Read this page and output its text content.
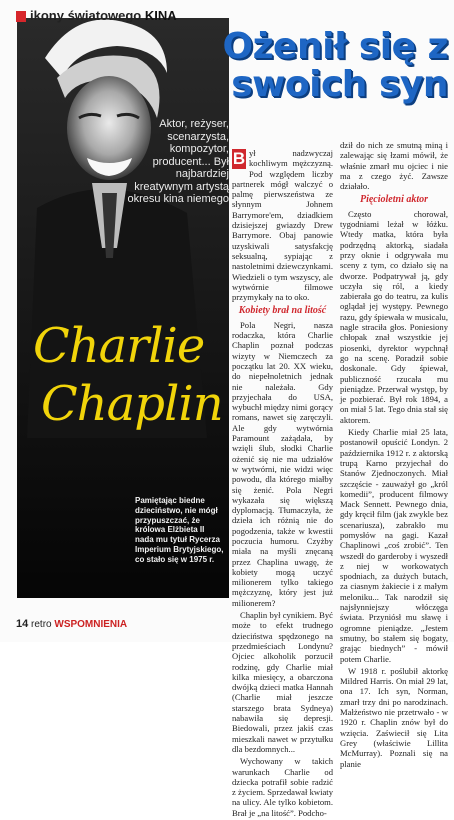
Aktor, reżyser, scenarzysta, kompozytor, producent... Był najbardziej kreatywnym artystą okresu kina niemego
Charlie
Chaplin
Pamiętając biedne dzieciństwo, nie mógł przypuszczać, że królowa Elżbieta II nada mu tytuł Rycerza Imperium Brytyjskiego, co stało się w 1975 r.
ikony światowego KINA
Ożenił się z
swoich syn

B ył nadzwyczaj kochliwym mężczyzną. Pod względem liczby partnerek mógł walczyć o palmę pierwszeństwa ze słynnym Johnem Barrymore'em, dziadkiem dzisiejszej gwiazdy Drew Barrymore. Obaj panowie uzyskiwali satysfakcję seksualną, sypiając z nastoletnimi dziewczynkami. Wiedzieli o tym wszyscy, ale wytwórnie filmowe przymykały na to oko.

Kobiety brał na litość

Pola Negri, nasza rodaczka, która Charlie Chaplin poznał podczas wizyty w Niemczech za początku lat 20. XX wieku, do niepełnoletnich jednak nie należała. Gdy przyjechała do USA, wybuchł między nimi gorący romans, nawet się zaręczyli. Ale gdy wytwórnia Paramount zażądała, by wzięli ślub, słodki Charlie ożenić się nie ma udziałów w wytwórni, nie widzi więc powodu, dla którego miałby się żenić. Pola Negri wykazała się większą dyplomacją. Tłumaczyła, że dzieła ich różnią nie do pogodzenia, także w kwestii poczucia humoru. Czyżby miała na myśli znęcaną przez Chaplina uwagę, że kobiety mogą uczyć milionerem tylko takiego mężczyznę, który jest już milionerem?

Chaplin był cynikiem. Być może to efekt trudnego dzieciństwa spędzonego na przedmieściach Londynu? Ojciec alkoholik porzucił rodzinę, gdy Charlie miał kilka miesięcy, a obarczona dwójką dzieci matka Hannah (Charlie miał jeszcze starszego brata Sydneya) nabawiła się depresji. Biedowali, przez jakiś czas mieszkali nawet w przytułku dla bezdomnych...

Wychowany w takich warunkach Charlie od dziecka potrafił sobie radzić z życiem. Sprzedawał kwiaty na ulicy. Ale tylko kobietom. Brał je „na litość”. Podcho-

dził do nich ze smutną miną i zalewając się łzami mówił, że właśnie zmarł mu ojciec i nie ma z czego żyć. Zawsze działało.

Pięcioletni aktor

Często chorował, tygodniami leżał w łóżku. Wtedy matka, która była podrzędną aktorką, siadała przy oknie i odgrywała mu sceny z tym, co działo się na dworze. Podpatrywał ją, gdy uczyła się ról, a kiedy zabierała go do teatru, za kulis oglądał jej występy. Pewnego razu, gdy śpiewała w musicalu, nagle straciła głos. Poniesiony chłopak znał wszystkie jej piosenki, dyrektor wypchnął go na scenę. Poradził sobie doskonale. Gdy śpiewał, publiczność rzucała mu pieniądze. Przerwał występ, by je pozbierać. Był rok 1894, a on miał 5 lat. Tego dnia stał się aktorem.

Kiedy Charlie miał 25 lata, postanowił opuścić Londyn. 2 października 1912 r. z aktorską trupą Karno przyjechał do Stanów Zjednoczonych. Miał szczęście - zauważył go „król komedii”, producent filmowy Mack Sennett. Pewnego dnia, gdy kręcił film (jak zwykle bez scenariusza), zabrakło mu pomysłów na gagi. Kazał Chaplinowi „coś zrobić”. Ten wszedł do garderoby i wyszedł z niej w workowatych spodniach, za dużych butach, za ciasnym żakiecie i z małym meloniku... Tak narodził się najsłynniejszy włóczęga świata. Przyniósł mu sławę i ogromne pieniądze. „Jestem smutny, bo stałem się bogaty, grając biednych” - mówił potem Charlie.

W 1918 r. poślubił aktorkę Mildred Harris. On miał 29 lat, ona 17. Ich syn, Norman, zmarł trzy dni po narodzinach. Małżeństwo nie przetrwało - w 1920 r. Chaplin znów był do wzięcia. Zaświecił się Lita Grey (właściwie Lillita McMurray). Poznali się na planie

14 retro WSPOMNIENIA
